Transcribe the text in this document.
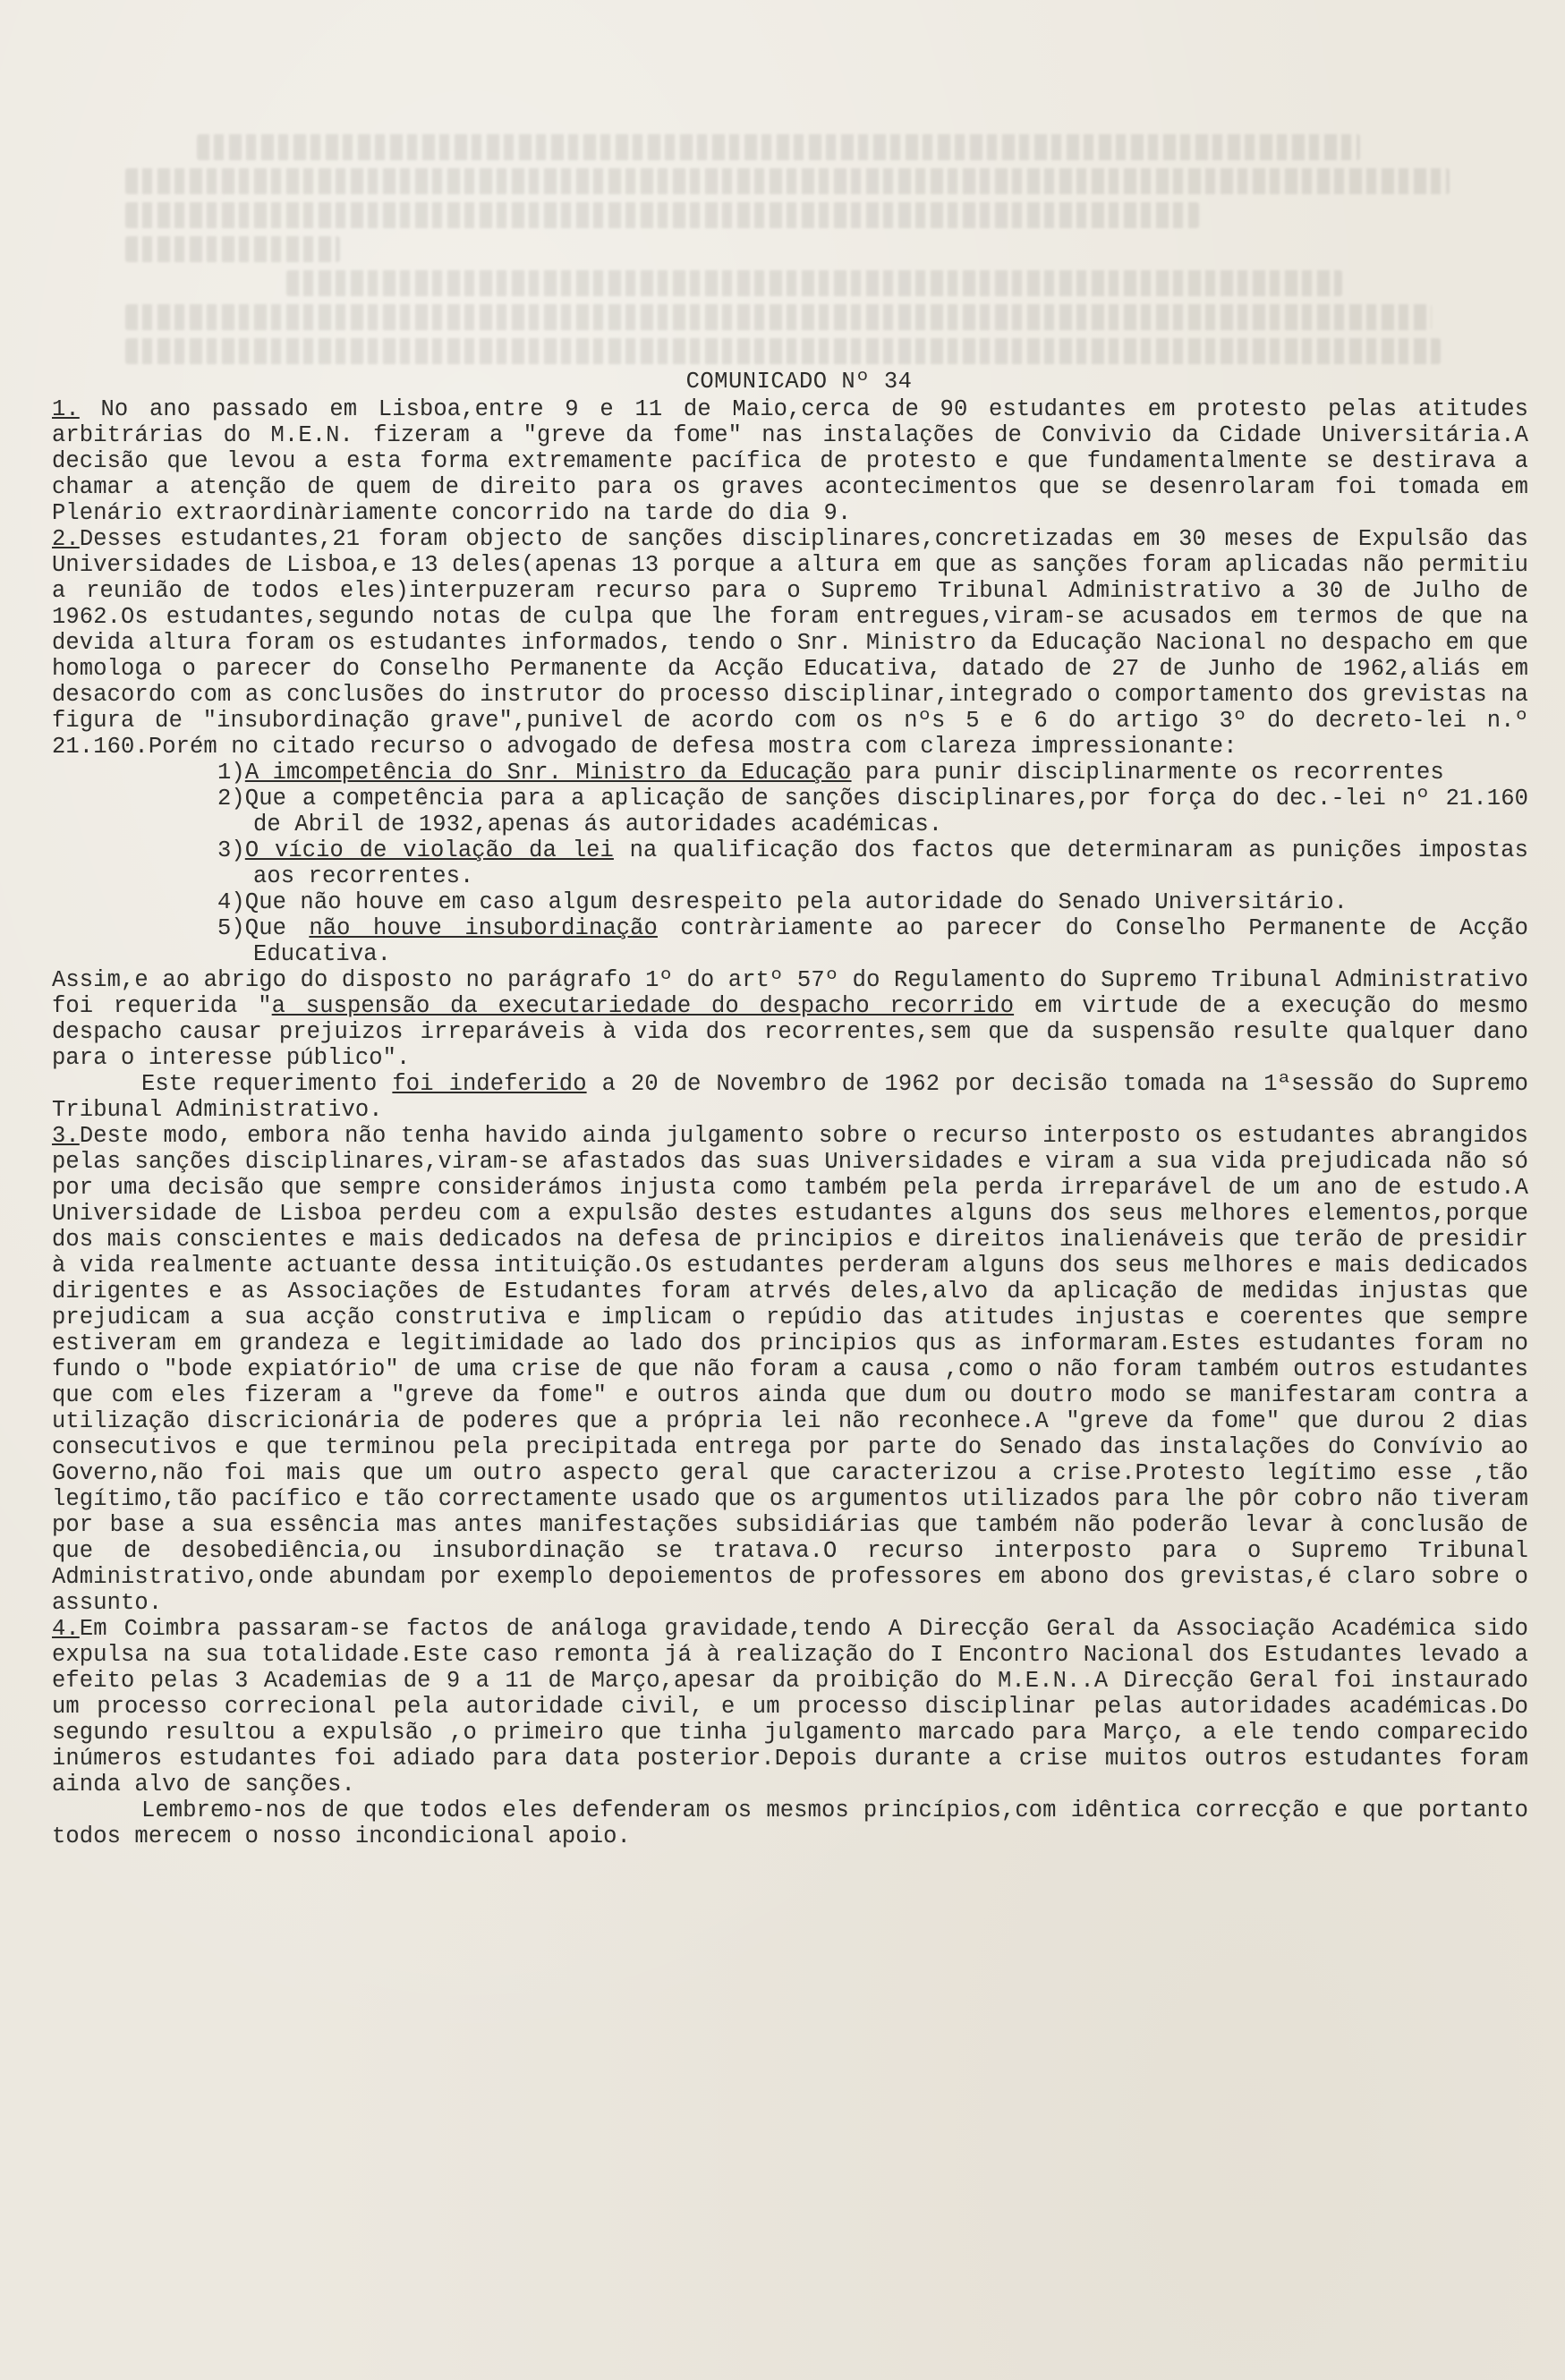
COMUNICADO Nº 34

1. No ano passado em Lisboa,entre 9 e 11 de Maio,cerca de 90 estudantes em protesto pelas atitudes arbitrárias do M.E.N. fizeram a "greve da fome" nas instalações de Convivio da Cidade Universitária.A decisão que levou a esta forma extremamente pacífica de protesto e que fundamentalmente se destirava a chamar a atenção de quem de direito para os graves acontecimentos que se desenrolaram foi tomada em Plenário extraordinàriamente concorrido na tarde do dia 9.

2.Desses estudantes,21 foram objecto de sanções disciplinares,concretizadas em 30 meses de Expulsão das Universidades de Lisboa,e 13 deles(apenas 13 porque a altura em que as sanções foram aplicadas não permitiu a reunião de todos eles)interpuzeram recurso para o Supremo Tribunal Administrativo a 30 de Julho de 1962.Os estudantes,segundo notas de culpa que lhe foram entregues,viram-se acusados em termos de que na devida altura foram os estudantes informados, tendo o Snr. Ministro da Educação Nacional no despacho em que homologa o parecer do Conselho Permanente da Acção Educativa, datado de 27 de Junho de 1962,aliás em desacordo com as conclusões do instrutor do processo disciplinar,integrado o comportamento dos grevistas na figura de "insubordinação grave",punivel de acordo com os nºs 5 e 6 do artigo 3º do decreto-lei n.º 21.160.Porém no citado recurso o advogado de defesa mostra com clareza impressionante:

1)A imcompetência do Snr. Ministro da Educação para punir disciplinarmente os recorrentes

2)Que a competência para a aplicação de sanções disciplinares,por força do dec.-lei nº 21.160 de Abril de 1932,apenas ás autoridades académicas.

3)O vício de violação da lei na qualificação dos factos que determinaram as punições impostas aos recorrentes.

4)Que não houve em caso algum desrespeito pela autoridade do Senado Universitário.

5)Que não houve insubordinação contràriamente ao parecer do Conselho Permanente de Acção Educativa.

Assim,e ao abrigo do disposto no parágrafo 1º do artº 57º do Regulamento do Supremo Tribunal Administrativo foi requerida "a suspensão da executariedade do despacho recorrido em virtude de a execução do mesmo despacho causar prejuizos irreparáveis à vida dos recorrentes,sem que da suspensão resulte qualquer dano para o interesse público".

Este requerimento foi indeferido a 20 de Novembro de 1962 por decisão tomada na 1ªsessão do Supremo Tribunal Administrativo.

3.Deste modo, embora não tenha havido ainda julgamento sobre o recurso interposto os estudantes abrangidos pelas sanções disciplinares,viram-se afastados das suas Universidades e viram a sua vida prejudicada não só por uma decisão que sempre considerámos injusta como também pela perda irreparável de um ano de estudo.A Universidade de Lisboa perdeu com a expulsão destes estudantes alguns dos seus melhores elementos,porque dos mais conscientes e mais dedicados na defesa de principios e direitos inalienáveis que terão de presidir à vida realmente actuante dessa intituição.Os estudantes perderam alguns dos seus melhores e mais dedicados dirigentes e as Associações de Estudantes foram atrvés deles,alvo da aplicação de medidas injustas que prejudicam a sua acção construtiva e implicam o repúdio das atitudes injustas e coerentes que sempre estiveram em grandeza e legitimidade ao lado dos principios qus as informaram.Estes estudantes foram no fundo o "bode expiatório" de uma crise de que não foram a causa ,como o não foram também outros estudantes que com eles fizeram a "greve da fome" e outros ainda que dum ou doutro modo se manifestaram contra a utilização discricionária de poderes que a própria lei não reconhece.A "greve da fome" que durou 2 dias consecutivos e que terminou pela precipitada entrega por parte do Senado das instalações do Convívio ao Governo,não foi mais que um outro aspecto geral que caracterizou a crise.Protesto legítimo esse ,tão legítimo,tão pacífico e tão correctamente usado que os argumentos utilizados para lhe pôr cobro não tiveram por base a sua essência mas antes manifestações subsidiárias que também não poderão levar à conclusão de que de desobediência,ou insubordinação se tratava.O recurso interposto para o Supremo Tribunal Administrativo,onde abundam por exemplo depoiementos de professores em abono dos grevistas,é claro sobre o assunto.

4.Em Coimbra passaram-se factos de análoga gravidade,tendo A Direcção Geral da Associação Académica sido expulsa na sua totalidade.Este caso remonta já à realização do I Encontro Nacional dos Estudantes levado a efeito pelas 3 Academias de 9 a 11 de Março,apesar da proibição do M.E.N..A Direcção Geral foi instaurado um processo correcional pela autoridade civil, e um processo disciplinar pelas autoridades académicas.Do segundo resultou a expulsão ,o primeiro que tinha julgamento marcado para Março, a ele tendo comparecido inúmeros estudantes foi adiado para data posterior.Depois durante a crise muitos outros estudantes foram ainda alvo de sanções.

Lembremo-nos de que todos eles defenderam os mesmos princípios,com idêntica correcção e que portanto todos merecem o nosso incondicional apoio.
